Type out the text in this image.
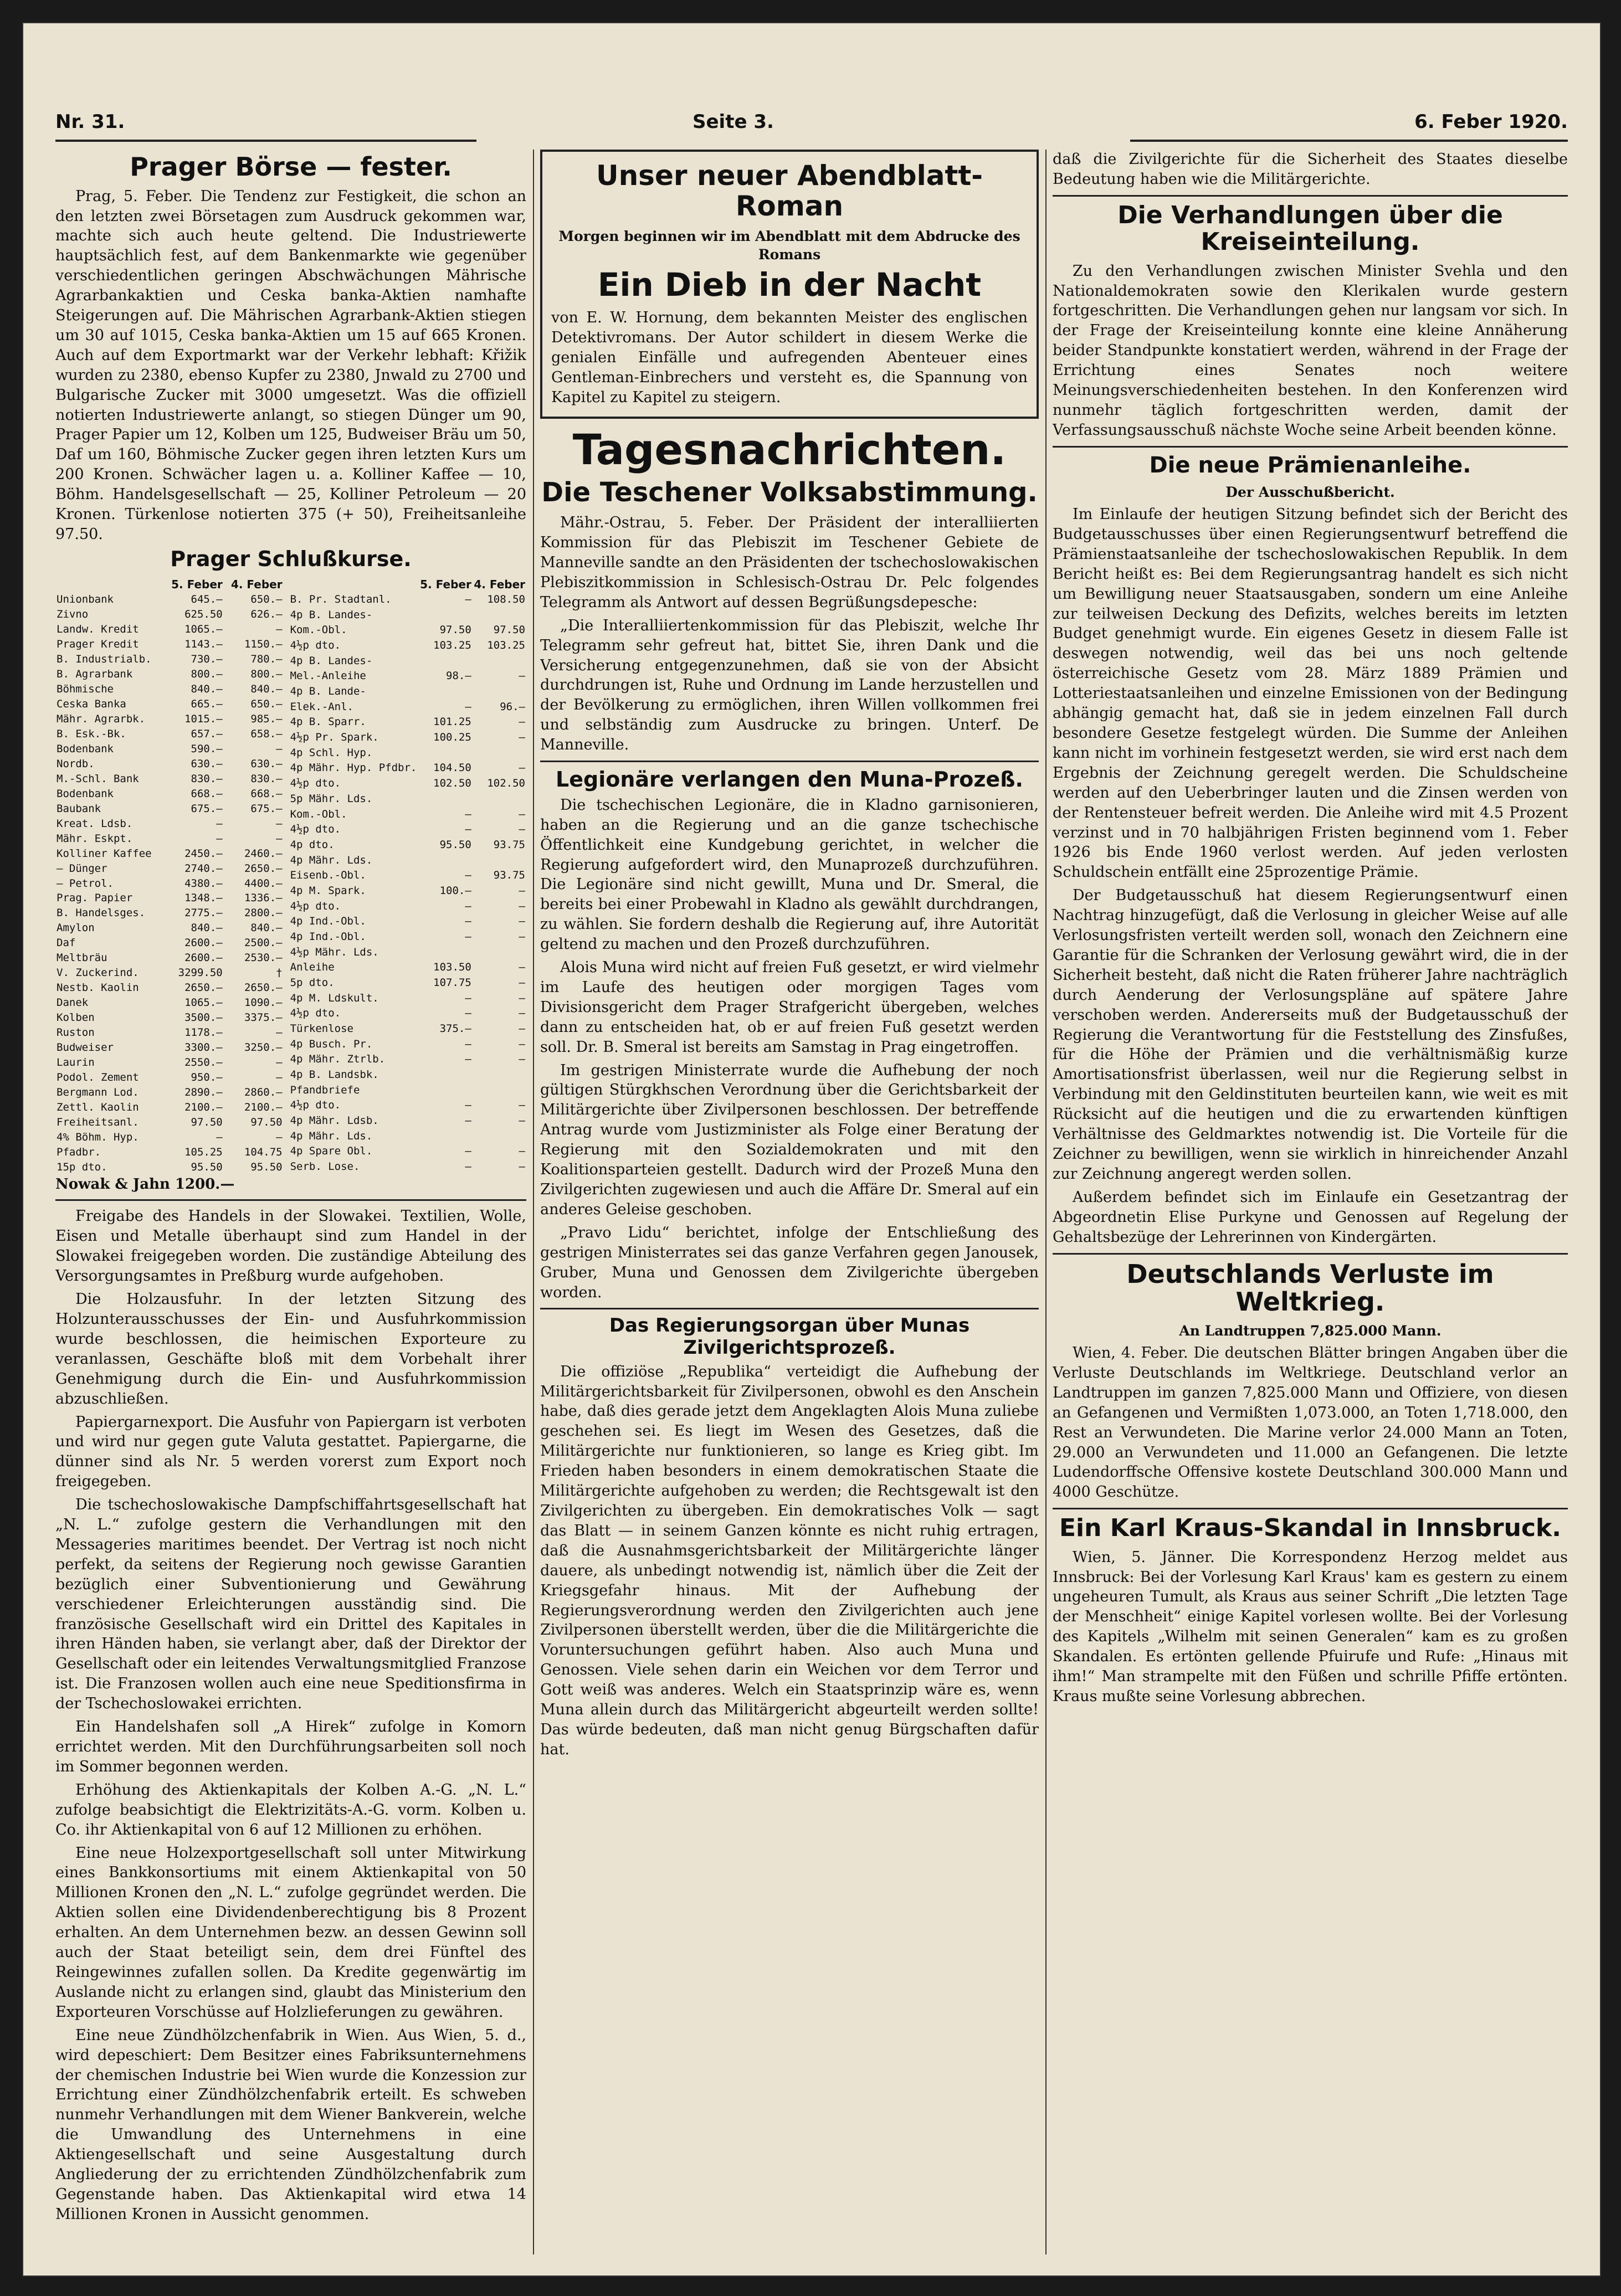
Nr. 31.	Seite 3.	6. Feber 1920.
Prager Börse — fester.

Prag, 5. Feber. Die Tendenz zur Festigkeit, die schon an den letzten zwei Börsetagen zum Ausdruck gekommen war, machte sich auch heute geltend. Die Industriewerte hauptsächlich fest, auf dem Bankenmarkte wie gegenüber verschiedentlichen geringen Abschwächungen Mährische Agrarbankaktien und Ceska banka-Aktien namhafte Steigerungen auf. Die Mährischen Agrarbank-Aktien stiegen um 30 auf 1015, Ceska banka-Aktien um 15 auf 665 Kronen. Auch auf dem Exportmarkt war der Verkehr lebhaft: Křižik wurden zu 2380, ebenso Kupfer zu 2380, Jnwald zu 2700 und Bulgarische Zucker mit 3000 umgesetzt. Was die offiziell notierten Industriewerte anlangt, so stiegen Dünger um 90, Prager Papier um 12, Kolben um 125, Budweiser Bräu um 50, Daf um 160, Böhmische Zucker gegen ihren letzten Kurs um 200 Kronen. Schwächer lagen u. a. Kolliner Kaffee — 10, Böhm. Handelsgesellschaft — 25, Kolliner Petroleum — 20 Kronen. Türkenlose notierten 375 (+ 50), Freiheitsanleihe 97.50.

Prager Schlußkurse.
	5. Feber	4. Feber
Unionbank	645.—	650.—
Zivno	625.50	626.—
Landw. Kredit	1065.—	—
Prager Kredit	1143.—	1150.—
B. Industrialb.	730.—	780.—
B. Agrarbank	800.—	800.—
Böhmische	840.—	840.—
Ceska Banka	665.—	650.—
Mähr. Agrarbk.	1015.—	985.—
B. Esk.-Bk.	657.—	658.—
Bodenbank	590.—	—
Nordb.	630.—	630.—
M.-Schl. Bank	830.—	830.—
Bodenbank	668.—	668.—
Baubank	675.—	675.—
Kreat. Ldsb.	—	—
Mähr. Eskpt.	—	—
Kolliner Kaffee	2450.—	2460.—
— Dünger	2740.—	2650.—
— Petrol.	4380.—	4400.—
Prag. Papier	1348.—	1336.—
B. Handelsges.	2775.—	2800.—
Amylon	840.—	840.—
Daf	2600.—	2500.—
Meltbräu	2600.—	2530.—
V. Zuckerind.	3299.50	†
Nestb. Kaolin	2650.—	2650.—
Danek	1065.—	1090.—
Kolben	3500.—	3375.—
Ruston	1178.—	—
Budweiser	3300.—	3250.—
Laurin	2550.—	—
Podol. Zement	950.—	—
Bergmann Lod.	2890.—	2860.—
Zettl. Kaolin	2100.—	2100.—
Freiheitsanl.	97.50	97.50
4% Böhm. Hyp.	—	—
Pfadbr.	105.25	104.75
15p dto.	95.50	95.50
	5. Feber	4. Feber
B. Pr. Stadtanl.	—	108.50
4p B. Landes-		
Kom.-Obl.	97.50	97.50
4½p dto.	103.25	103.25
4p B. Landes-		
Mel.-Anleihe	98.—	—
4p B. Lande-		
Elek.-Anl.	—	96.—
4p B. Sparr.	101.25	—
4½p Pr. Spark.	100.25	—
4p Schl. Hyp.		
4p Mähr. Hyp. Pfdbr.	104.50	—
4½p dto.	102.50	102.50
5p Mähr. Lds.		
Kom.-Obl.	—	—
4½p dto.	—	—
4p dto.	95.50	93.75
4p Mähr. Lds.		
Eisenb.-Obl.	—	93.75
4p M. Spark.	100.—	—
4½p dto.	—	—
4p Ind.-Obl.	—	—
4p Ind.-Obl.	—	—
4½p Mähr. Lds.		
Anleihe	103.50	—
5p dto.	107.75	—
4p M. Ldskult.	—	—
4½p dto.	—	—
Türkenlose	375.—	—
4p Busch. Pr.	—	—
4p Mähr. Ztrlb.	—	—
4p B. Landsbk.		
Pfandbriefe		
4½p dto.	—	—
4p Mähr. Ldsb.	—	—
4p Mähr. Lds.		
4p Spare Obl.	—	—
Serb. Lose.	—	—

Nowak & Jahn 1200.—

Freigabe des Handels in der Slowakei. Textilien, Wolle, Eisen und Metalle überhaupt sind zum Handel in der Slowakei freigegeben worden. Die zuständige Abteilung des Versorgungsamtes in Preßburg wurde aufgehoben.

Die Holzausfuhr. In der letzten Sitzung des Holzunterausschusses der Ein- und Ausfuhrkommission wurde beschlossen, die heimischen Exporteure zu veranlassen, Geschäfte bloß mit dem Vorbehalt ihrer Genehmigung durch die Ein- und Ausfuhrkommission abzuschließen.

Papiergarnexport. Die Ausfuhr von Papiergarn ist verboten und wird nur gegen gute Valuta gestattet. Papiergarne, die dünner sind als Nr. 5 werden vorerst zum Export noch freigegeben.

Die tschechoslowakische Dampfschiffahrtsgesellschaft hat „N. L.“ zufolge gestern die Verhandlungen mit den Messageries maritimes beendet. Der Vertrag ist noch nicht perfekt, da seitens der Regierung noch gewisse Garantien bezüglich einer Subventionierung und Gewährung verschiedener Erleichterungen ausständig sind. Die französische Gesellschaft wird ein Drittel des Kapitales in ihren Händen haben, sie verlangt aber, daß der Direktor der Gesellschaft oder ein leitendes Verwaltungsmitglied Franzose ist. Die Franzosen wollen auch eine neue Speditionsfirma in der Tschechoslowakei errichten.

Ein Handelshafen soll „A Hirek“ zufolge in Komorn errichtet werden. Mit den Durchführungsarbeiten soll noch im Sommer begonnen werden.

Erhöhung des Aktienkapitals der Kolben A.-G. „N. L.“ zufolge beabsichtigt die Elektrizitäts-A.-G. vorm. Kolben u. Co. ihr Aktienkapital von 6 auf 12 Millionen zu erhöhen.

Eine neue Holzexportgesellschaft soll unter Mitwirkung eines Bankkonsortiums mit einem Aktienkapital von 50 Millionen Kronen den „N. L.“ zufolge gegründet werden. Die Aktien sollen eine Dividendenberechtigung bis 8 Prozent erhalten. An dem Unternehmen bezw. an dessen Gewinn soll auch der Staat beteiligt sein, dem drei Fünftel des Reingewinnes zufallen sollen. Da Kredite gegenwärtig im Auslande nicht zu erlangen sind, glaubt das Ministerium den Exporteuren Vorschüsse auf Holzlieferungen zu gewähren.

Eine neue Zündhölzchenfabrik in Wien. Aus Wien, 5. d., wird depeschiert: Dem Besitzer eines Fabriksunternehmens der chemischen Industrie bei Wien wurde die Konzession zur Errichtung einer Zündhölzchenfabrik erteilt. Es schweben nunmehr Verhandlungen mit dem Wiener Bankverein, welche die Umwandlung des Unternehmens in eine Aktiengesellschaft und seine Ausgestaltung durch Angliederung der zu errichtenden Zündhölzchenfabrik zum Gegenstande haben. Das Aktienkapital wird etwa 14 Millionen Kronen in Aussicht genommen.

Unser neuer Abendblatt-Roman

Morgen beginnen wir im Abendblatt mit dem Abdrucke des Romans

Ein Dieb in der Nacht

von E. W. Hornung, dem bekannten Meister des englischen Detektivromans. Der Autor schildert in diesem Werke die genialen Einfälle und aufregenden Abenteuer eines Gentleman-Einbrechers und versteht es, die Spannung von Kapitel zu Kapitel zu steigern.

Tagesnachrichten.
Die Teschener Volksabstimmung.

Mähr.-Ostrau, 5. Feber. Der Präsident der interalliierten Kommission für das Plebiszit im Teschener Gebiete de Manneville sandte an den Präsidenten der tschechoslowakischen Plebiszitkommission in Schlesisch-Ostrau Dr. Pelc folgendes Telegramm als Antwort auf dessen Begrüßungsdepesche:

„Die Interalliiertenkommission für das Plebiszit, welche Ihr Telegramm sehr gefreut hat, bittet Sie, ihren Dank und die Versicherung entgegenzunehmen, daß sie von der Absicht durchdrungen ist, Ruhe und Ordnung im Lande herzustellen und der Bevölkerung zu ermöglichen, ihren Willen vollkommen frei und selbständig zum Ausdrucke zu bringen. Unterf. De Manneville.

Legionäre verlangen den Muna-Prozeß.

Die tschechischen Legionäre, die in Kladno garnisonieren, haben an die Regierung und an die ganze tschechische Öffentlichkeit eine Kundgebung gerichtet, in welcher die Regierung aufgefordert wird, den Munaprozeß durchzuführen. Die Legionäre sind nicht gewillt, Muna und Dr. Smeral, die bereits bei einer Probewahl in Kladno als gewählt durchdrangen, zu wählen. Sie fordern deshalb die Regierung auf, ihre Autorität geltend zu machen und den Prozeß durchzuführen.

Alois Muna wird nicht auf freien Fuß gesetzt, er wird vielmehr im Laufe des heutigen oder morgigen Tages vom Divisionsgericht dem Prager Strafgericht übergeben, welches dann zu entscheiden hat, ob er auf freien Fuß gesetzt werden soll. Dr. B. Smeral ist bereits am Samstag in Prag eingetroffen.

Im gestrigen Ministerrate wurde die Aufhebung der noch gültigen Stürgkhschen Verordnung über die Gerichtsbarkeit der Militärgerichte über Zivilpersonen beschlossen. Der betreffende Antrag wurde vom Justizminister als Folge einer Beratung der Regierung mit den Sozialdemokraten und mit den Koalitionsparteien gestellt. Dadurch wird der Prozeß Muna den Zivilgerichten zugewiesen und auch die Affäre Dr. Smeral auf ein anderes Geleise geschoben.

„Pravo Lidu“ berichtet, infolge der Entschließung des gestrigen Ministerrates sei das ganze Verfahren gegen Janousek, Gruber, Muna und Genossen dem Zivilgerichte übergeben worden.

Das Regierungsorgan über Munas Zivilgerichtsprozeß.

Die offiziöse „Republika“ verteidigt die Aufhebung der Militärgerichtsbarkeit für Zivilpersonen, obwohl es den Anschein habe, daß dies gerade jetzt dem Angeklagten Alois Muna zuliebe geschehen sei. Es liegt im Wesen des Gesetzes, daß die Militärgerichte nur funktionieren, so lange es Krieg gibt. Im Frieden haben besonders in einem demokratischen Staate die Militärgerichte aufgehoben zu werden; die Rechtsgewalt ist den Zivilgerichten zu übergeben. Ein demokratisches Volk — sagt das Blatt — in seinem Ganzen könnte es nicht ruhig ertragen, daß die Ausnahmsgerichtsbarkeit der Militärgerichte länger dauere, als unbedingt notwendig ist, nämlich über die Zeit der Kriegsgefahr hinaus. Mit der Aufhebung der Regierungsverordnung werden den Zivilgerichten auch jene Zivilpersonen überstellt werden, über die die Militärgerichte die Voruntersuchungen geführt haben. Also auch Muna und Genossen. Viele sehen darin ein Weichen vor dem Terror und Gott weiß was anderes. Welch ein Staatsprinzip wäre es, wenn Muna allein durch das Militärgericht abgeurteilt werden sollte! Das würde bedeuten, daß man nicht genug Bürgschaften dafür hat.

daß die Zivilgerichte für die Sicherheit des Staates dieselbe Bedeutung haben wie die Militärgerichte.

Die Verhandlungen über die Kreiseinteilung.

Zu den Verhandlungen zwischen Minister Svehla und den Nationaldemokraten sowie den Klerikalen wurde gestern fortgeschritten. Die Verhandlungen gehen nur langsam vor sich. In der Frage der Kreiseinteilung konnte eine kleine Annäherung beider Standpunkte konstatiert werden, während in der Frage der Errichtung eines Senates noch weitere Meinungsverschiedenheiten bestehen. In den Konferenzen wird nunmehr täglich fortgeschritten werden, damit der Verfassungsausschuß nächste Woche seine Arbeit beenden könne.

Die neue Prämienanleihe.

Der Ausschußbericht.

Im Einlaufe der heutigen Sitzung befindet sich der Bericht des Budgetausschusses über einen Regierungsentwurf betreffend die Prämienstaatsanleihe der tschechoslowakischen Republik. In dem Bericht heißt es: Bei dem Regierungsantrag handelt es sich nicht um Bewilligung neuer Staatsausgaben, sondern um eine Anleihe zur teilweisen Deckung des Defizits, welches bereits im letzten Budget genehmigt wurde. Ein eigenes Gesetz in diesem Falle ist deswegen notwendig, weil das bei uns noch geltende österreichische Gesetz vom 28. März 1889 Prämien und Lotteriestaatsanleihen und einzelne Emissionen von der Bedingung abhängig gemacht hat, daß sie in jedem einzelnen Fall durch besondere Gesetze festgelegt würden. Die Summe der Anleihen kann nicht im vorhinein festgesetzt werden, sie wird erst nach dem Ergebnis der Zeichnung geregelt werden. Die Schuldscheine werden auf den Ueberbringer lauten und die Zinsen werden von der Rentensteuer befreit werden. Die Anleihe wird mit 4.5 Prozent verzinst und in 70 halbjährigen Fristen beginnend vom 1. Feber 1926 bis Ende 1960 verlost werden. Auf jeden verlosten Schuldschein entfällt eine 25prozentige Prämie.

Der Budgetausschuß hat diesem Regierungsentwurf einen Nachtrag hinzugefügt, daß die Verlosung in gleicher Weise auf alle Verlosungsfristen verteilt werden soll, wonach den Zeichnern eine Garantie für die Schranken der Verlosung gewährt wird, die in der Sicherheit besteht, daß nicht die Raten früherer Jahre nachträglich durch Aenderung der Verlosungspläne auf spätere Jahre verschoben werden. Andererseits muß der Budgetausschuß der Regierung die Verantwortung für die Feststellung des Zinsfußes, für die Höhe der Prämien und die verhältnismäßig kurze Amortisationsfrist überlassen, weil nur die Regierung selbst in Verbindung mit den Geldinstituten beurteilen kann, wie weit es mit Rücksicht auf die heutigen und die zu erwartenden künftigen Verhältnisse des Geldmarktes notwendig ist. Die Vorteile für die Zeichner zu bewilligen, wenn sie wirklich in hinreichender Anzahl zur Zeichnung angeregt werden sollen.

Außerdem befindet sich im Einlaufe ein Gesetzantrag der Abgeordnetin Elise Purkyne und Genossen auf Regelung der Gehaltsbezüge der Lehrerinnen von Kindergärten.

Deutschlands Verluste im Weltkrieg.

An Landtruppen 7,825.000 Mann.

Wien, 4. Feber. Die deutschen Blätter bringen Angaben über die Verluste Deutschlands im Weltkriege. Deutschland verlor an Landtruppen im ganzen 7,825.000 Mann und Offiziere, von diesen an Gefangenen und Vermißten 1,073.000, an Toten 1,718.000, den Rest an Verwundeten. Die Marine verlor 24.000 Mann an Toten, 29.000 an Verwundeten und 11.000 an Gefangenen. Die letzte Ludendorffsche Offensive kostete Deutschland 300.000 Mann und 4000 Geschütze.

Ein Karl Kraus-Skandal in Innsbruck.

Wien, 5. Jänner. Die Korrespondenz Herzog meldet aus Innsbruck: Bei der Vorlesung Karl Kraus' kam es gestern zu einem ungeheuren Tumult, als Kraus aus seiner Schrift „Die letzten Tage der Menschheit“ einige Kapitel vorlesen wollte. Bei der Vorlesung des Kapitels „Wilhelm mit seinen Generalen“ kam es zu großen Skandalen. Es ertönten gellende Pfuirufe und Rufe: „Hinaus mit ihm!“ Man strampelte mit den Füßen und schrille Pfiffe ertönten. Kraus mußte seine Vorlesung abbrechen.
